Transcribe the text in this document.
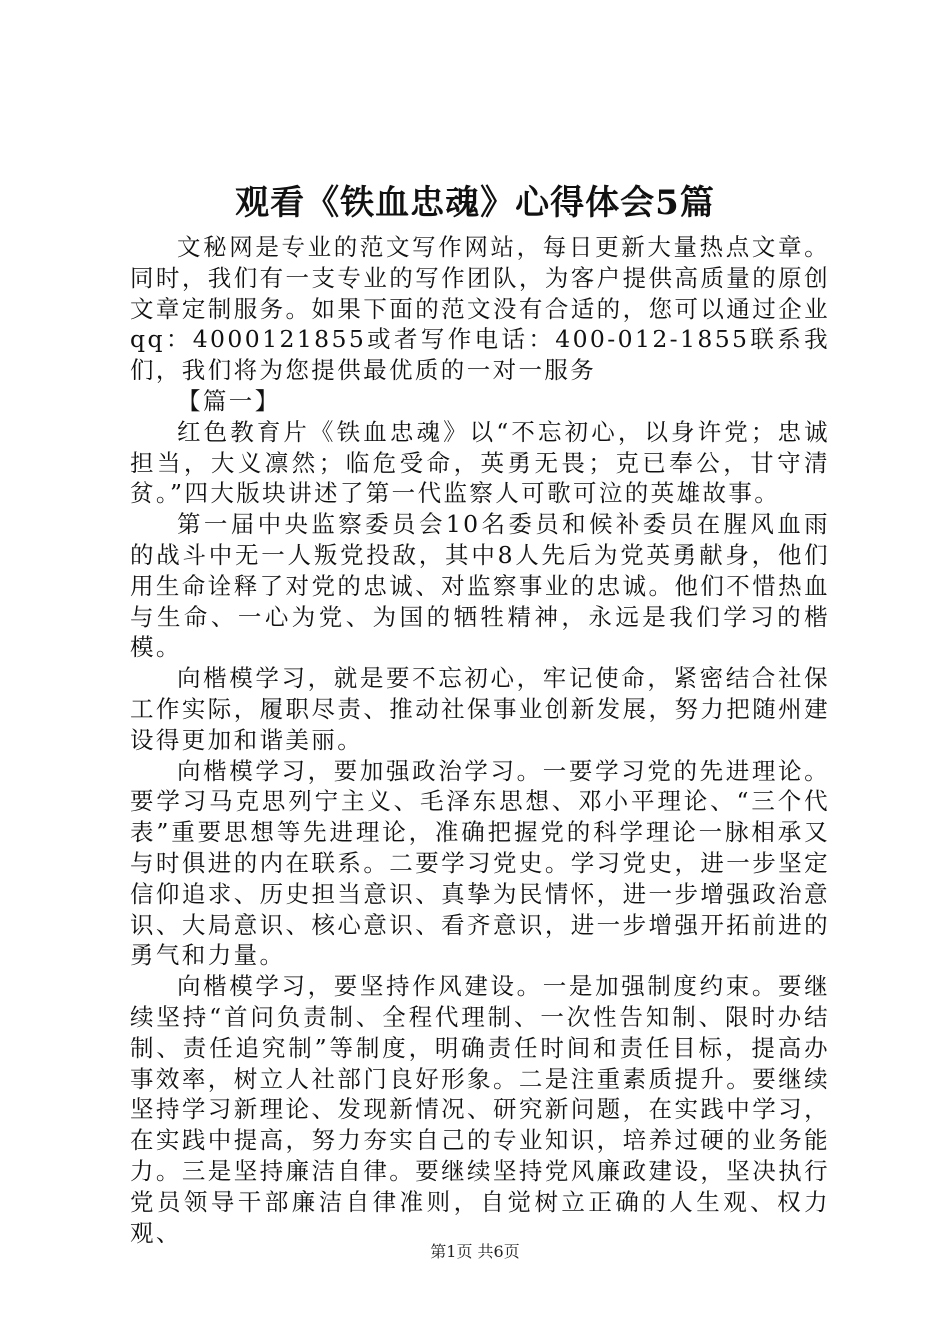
观看《铁血忠魂》心得体会5篇

文秘网是专业的范文写作网站，每日更新大量热点文章。同时，我们有一支专业的写作团队，为客户提供高质量的原创文章定制服务。如果下面的范文没有合适的，您可以通过企业qq：4000121855或者写作电话：400-012-1855联系我们，我们将为您提供最优质的一对一服务

【篇一】

红色教育片《铁血忠魂》以“不忘初心，以身许党；忠诚担当，大义凛然；临危受命，英勇无畏；克已奉公，甘守清贫。”四大版块讲述了第一代监察人可歌可泣的英雄故事。

第一届中央监察委员会10名委员和候补委员在腥风血雨的战斗中无一人叛党投敌，其中8人先后为党英勇献身，他们用生命诠释了对党的忠诚、对监察事业的忠诚。他们不惜热血与生命、一心为党、为国的牺牲精神，永远是我们学习的楷模。

向楷模学习，就是要不忘初心，牢记使命，紧密结合社保工作实际，履职尽责、推动社保事业创新发展，努力把随州建设得更加和谐美丽。

向楷模学习，要加强政治学习。一要学习党的先进理论。要学习马克思列宁主义、毛泽东思想、邓小平理论、“三个代表”重要思想等先进理论，准确把握党的科学理论一脉相承又与时俱进的内在联系。二要学习党史。学习党史，进一步坚定信仰追求、历史担当意识、真挚为民情怀，进一步增强政治意识、大局意识、核心意识、看齐意识，进一步增强开拓前进的勇气和力量。

向楷模学习，要坚持作风建设。一是加强制度约束。要继续坚持“首问负责制、全程代理制、一次性告知制、限时办结制、责任追究制”等制度，明确责任时间和责任目标，提高办事效率，树立人社部门良好形象。二是注重素质提升。要继续坚持学习新理论、发现新情况、研究新问题，在实践中学习，在实践中提高，努力夯实自己的专业知识，培养过硬的业务能力。三是坚持廉洁自律。要继续坚持党风廉政建设，坚决执行党员领导干部廉洁自律准则，自觉树立正确的人生观、权力观、

第1页 共6页
